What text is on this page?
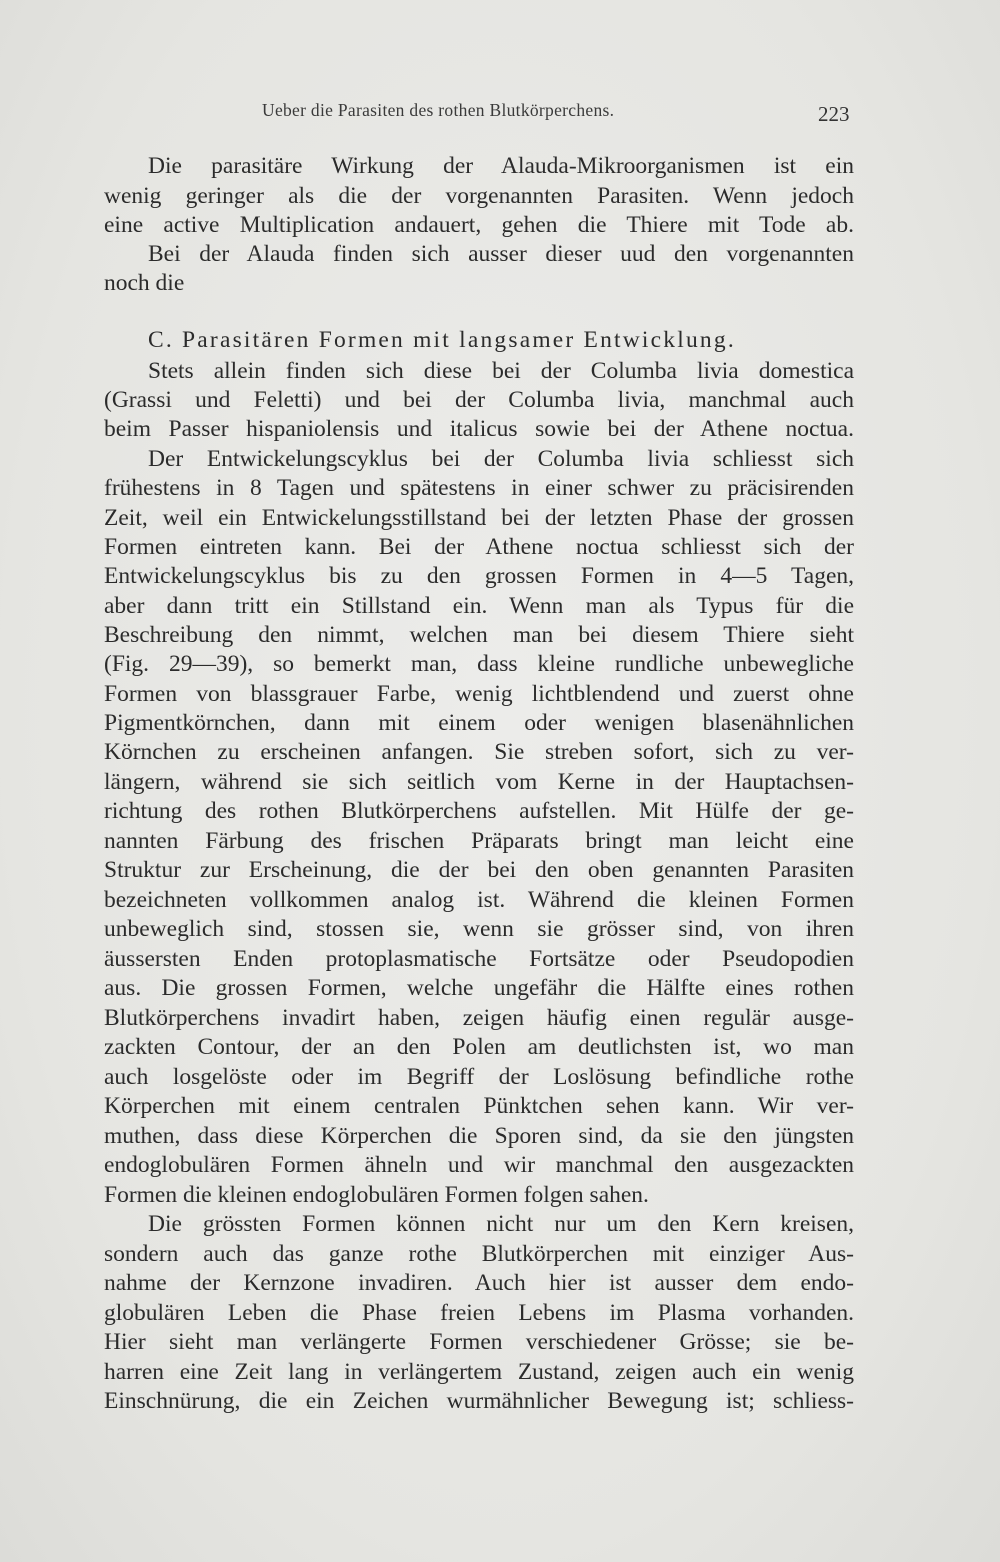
Ueber die Parasiten des rothen Blutkörperchens.	223
Die parasitäre Wirkung der Alauda-Mikroorganismen ist ein
wenig geringer als die der vorgenannten Parasiten. Wenn jedoch
eine active Multiplication andauert, gehen die Thiere mit Tode ab.
Bei der Alauda finden sich ausser dieser uud den vorgenannten
noch die
C. Parasitären Formen mit langsamer Entwicklung.
Stets allein finden sich diese bei der Columba livia domestica
(Grassi und Feletti) und bei der Columba livia, manchmal auch
beim Passer hispaniolensis und italicus sowie bei der Athene noctua.
Der Entwickelungscyklus bei der Columba livia schliesst sich
frühestens in 8 Tagen und spätestens in einer schwer zu präcisirenden
Zeit, weil ein Entwickelungsstillstand bei der letzten Phase der grossen
Formen eintreten kann. Bei der Athene noctua schliesst sich der
Entwickelungscyklus bis zu den grossen Formen in 4—5 Tagen,
aber dann tritt ein Stillstand ein. Wenn man als Typus für die
Beschreibung den nimmt, welchen man bei diesem Thiere sieht
(Fig. 29—39), so bemerkt man, dass kleine rundliche unbewegliche
Formen von blassgrauer Farbe, wenig lichtblendend und zuerst ohne
Pigmentkörnchen, dann mit einem oder wenigen blasenähnlichen
Körnchen zu erscheinen anfangen. Sie streben sofort, sich zu ver-
längern, während sie sich seitlich vom Kerne in der Hauptachsen-
richtung des rothen Blutkörperchens aufstellen. Mit Hülfe der ge-
nannten Färbung des frischen Präparats bringt man leicht eine
Struktur zur Erscheinung, die der bei den oben genannten Parasiten
bezeichneten vollkommen analog ist. Während die kleinen Formen
unbeweglich sind, stossen sie, wenn sie grösser sind, von ihren
äussersten Enden protoplasmatische Fortsätze oder Pseudopodien
aus. Die grossen Formen, welche ungefähr die Hälfte eines rothen
Blutkörperchens invadirt haben, zeigen häufig einen regulär ausge-
zackten Contour, der an den Polen am deutlichsten ist, wo man
auch losgelöste oder im Begriff der Loslösung befindliche rothe
Körperchen mit einem centralen Pünktchen sehen kann. Wir ver-
muthen, dass diese Körperchen die Sporen sind, da sie den jüngsten
endoglobulären Formen ähneln und wir manchmal den ausgezackten
Formen die kleinen endoglobulären Formen folgen sahen.
Die grössten Formen können nicht nur um den Kern kreisen,
sondern auch das ganze rothe Blutkörperchen mit einziger Aus-
nahme der Kernzone invadiren. Auch hier ist ausser dem endo-
globulären Leben die Phase freien Lebens im Plasma vorhanden.
Hier sieht man verlängerte Formen verschiedener Grösse; sie be-
harren eine Zeit lang in verlängertem Zustand, zeigen auch ein wenig
Einschnürung, die ein Zeichen wurmähnlicher Bewegung ist; schliess-
